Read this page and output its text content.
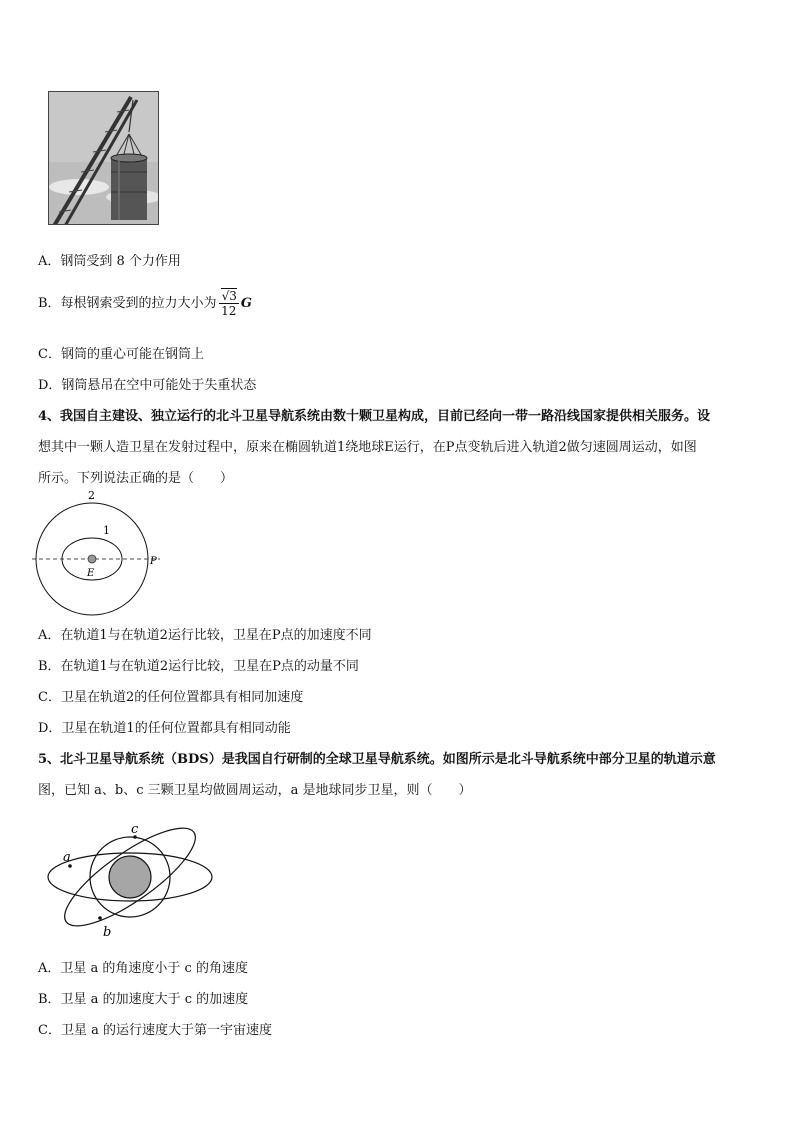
A．钢筒受到 8 个力作用
B．每根钢索受到的拉力大小为 $\frac{√3}{12}$ G
C．钢筒的重心可能在钢筒上
D．钢筒悬吊在空中可能处于失重状态
4、我国自主建设、独立运行的北斗卫星导航系统由数十颗卫星构成，目前已经向一带一路沿线国家提供相关服务。设
想其中一颗人造卫星在发射过程中，原来在椭圆轨道1绕地球E运行，在P点变轨后进入轨道2做匀速圆周运动，如图
所示。下列说法正确的是（　　）
2
1
E
P
A．在轨道1与在轨道2运行比较，卫星在P点的加速度不同
B．在轨道1与在轨道2运行比较，卫星在P点的动量不同
C．卫星在轨道2的任何位置都具有相同加速度
D．卫星在轨道1的任何位置都具有相同动能
5、北斗卫星导航系统（BDS）是我国自行研制的全球卫星导航系统。如图所示是北斗导航系统中部分卫星的轨道示意
图，已知 a、b、c 三颗卫星均做圆周运动，a 是地球同步卫星，则（　　）
a
c
b
A．卫星 a 的角速度小于 c 的角速度
B．卫星 a 的加速度大于 c 的加速度
C．卫星 a 的运行速度大于第一宇宙速度
